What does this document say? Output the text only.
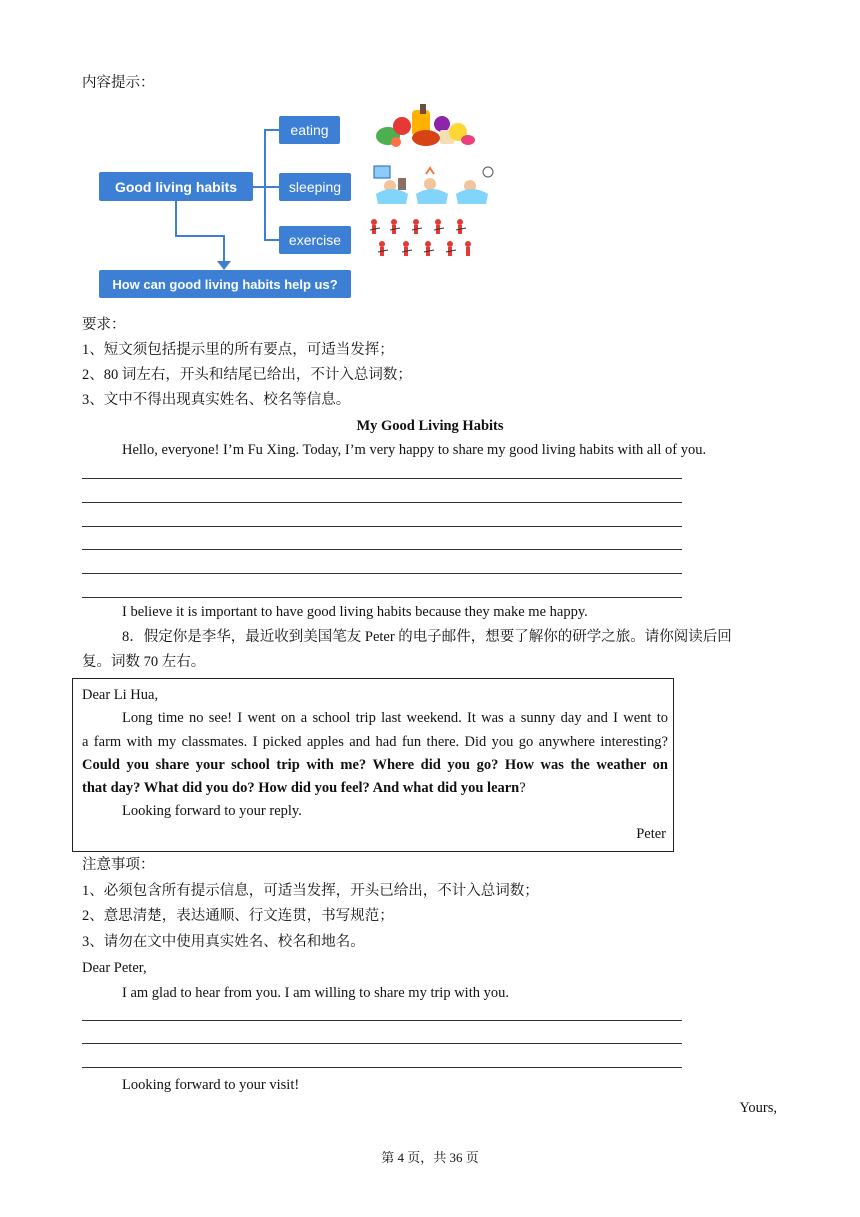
内容提示：
Good living habits
eating
sleeping
exercise
How can good living habits help us?
要求：
1、短文须包括提示里的所有要点，可适当发挥；
2、80 词左右，开头和结尾已给出，不计入总词数；
3、文中不得出现真实姓名、校名等信息。
My Good Living Habits
Hello, everyone! I’m Fu Xing. Today, I’m very happy to share my good living habits with all of you.
I believe it is important to have good living habits because they make me happy.
8．假定你是李华，最近收到美国笔友 Peter 的电子邮件，想要了解你的研学之旅。请你阅读后回
复。词数 70 左右。
Dear Li Hua,
Long time no see! I went on a school trip last weekend. It was a sunny day and I went to
a farm with my classmates. I picked apples and had fun there. Did you go anywhere interesting?
Could you share your school trip with me? Where did you go? How was the weather on
that day? What did you do? How did you feel? And what did you learn?
Looking forward to your reply.
Peter
注意事项：
1、必须包含所有提示信息，可适当发挥，开头已给出，不计入总词数；
2、意思清楚，表达通顺、行文连贯，书写规范；
3、请勿在文中使用真实姓名、校名和地名。
Dear Peter,
I am glad to hear from you. I am willing to share my trip with you.
Looking forward to your visit!
Yours,
第 4 页，共 36 页
